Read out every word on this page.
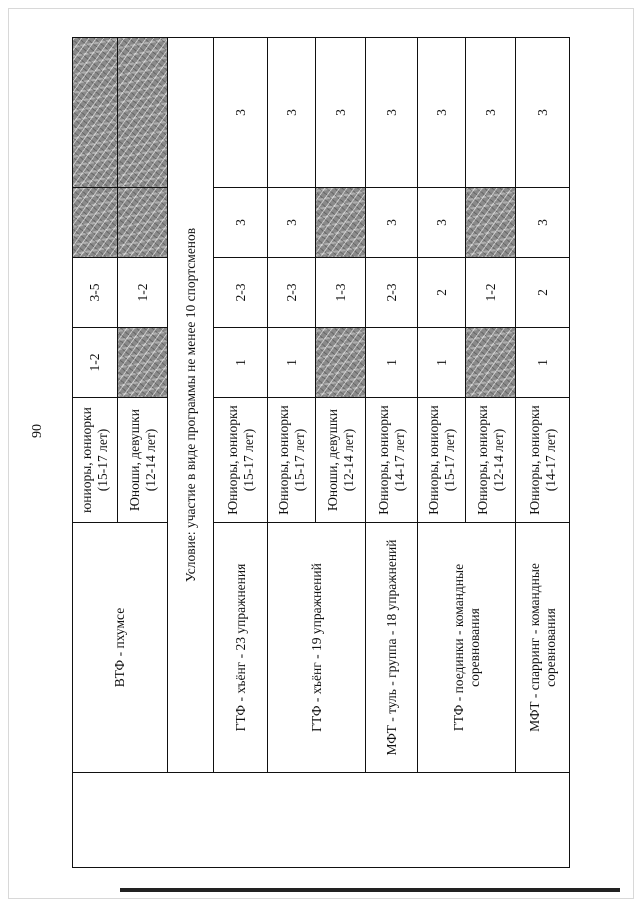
90
	ВТФ - пхумсе	юниоры, юниорки (15-17 лет)	1-2	3-5		
		Юноши, девушки (12-14 лет)		1-2		
	Условие: участие в виде программы не менее 10 спортсменов					
	ГТФ - хъёнг - 23 упражнения	Юниоры, юниорки (15-17 лет)	1	2-3	3	3
	ГТФ - хъёнг - 19 упражнений	Юниоры, юниорки (15-17 лет)	1	2-3	3	3
		Юноши, девушки (12-14 лет)		1-3		3
	МФТ - туль - группа - 18 упражнений	Юниоры, юниорки (14-17 лет)	1	2-3	3	3
	ГТФ - поединки - командные соревнования	Юниоры, юниорки (15-17 лет)	1	2	3	3
		Юниоры, юниорки (12-14 лет)		1-2		3
	МФТ - спарринг - командные соревнования	Юниоры, юниорки (14-17 лет)	1	2	3	3
